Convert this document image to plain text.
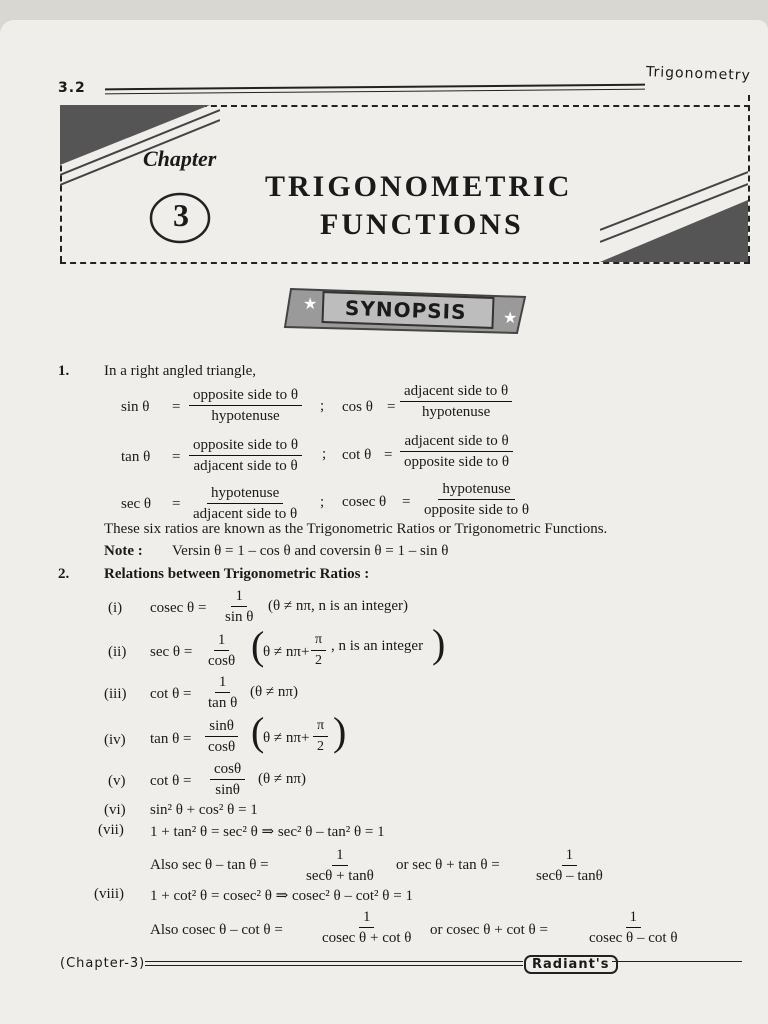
3.2
Trigonometry
Chapter
3
TRIGONOMETRIC
FUNCTIONS
★
★
SYNOPSIS
1. In a right angled triangle,
sin θ =
opposite side to θ
hypotenuse
; cos θ =
adjacent side to θ
hypotenuse
tan θ =
opposite side to θ
adjacent side to θ
; cot θ =
adjacent side to θ
opposite side to θ
sec θ =
hypotenuse
adjacent side to θ
; cosec θ =
hypotenuse
opposite side to θ
These six ratios are known as the Trigonometric Ratios or Trigonometric Functions.
Note : Versin θ = 1 – cos θ and coversin θ = 1 – sin θ
2. Relations between Trigonometric Ratios :
(i) cosec $\theta = \frac{1}{\text{sin θ}} (\theta \ne n\pi$, n is an integer)
(ii) $\sec \theta = \frac{1}{\cos\theta}$ (
$\theta \ne n\pi+ \frac{\pi}{2}$ , n is an integer )
(iii) $\cot \theta = \frac{1}{\text{tan θ}} (\theta \ne n\pi)$
(iv) $\tan \theta = \frac{\sin\theta}{\cos\theta}$ (
$\theta \ne n\pi+ \frac{\pi}{2}$ )
(v) $\cot \theta = \frac{\cos\theta}{\sin\theta} (\theta \ne n\pi)$
(vi) sin² θ + cos² θ = 1
(vii) 1 + tan² θ = sec² θ ⇒ sec² θ – tan² θ = 1
Also sec θ – tan θ =
1
secθ + tanθ
or sec θ + tan θ =
1
secθ – tanθ
(viii) 1 + cot² θ = cosec² θ ⇒ cosec² θ – cot² θ = 1
Also cosec $\theta - \cot \theta = \frac{1}{\text{cosec θ + cot θ}}$ or cosec $\theta + \cot \theta = \frac{1}{\text{cosec θ – cot θ}}$
(Chapter-3)	Radiant's
